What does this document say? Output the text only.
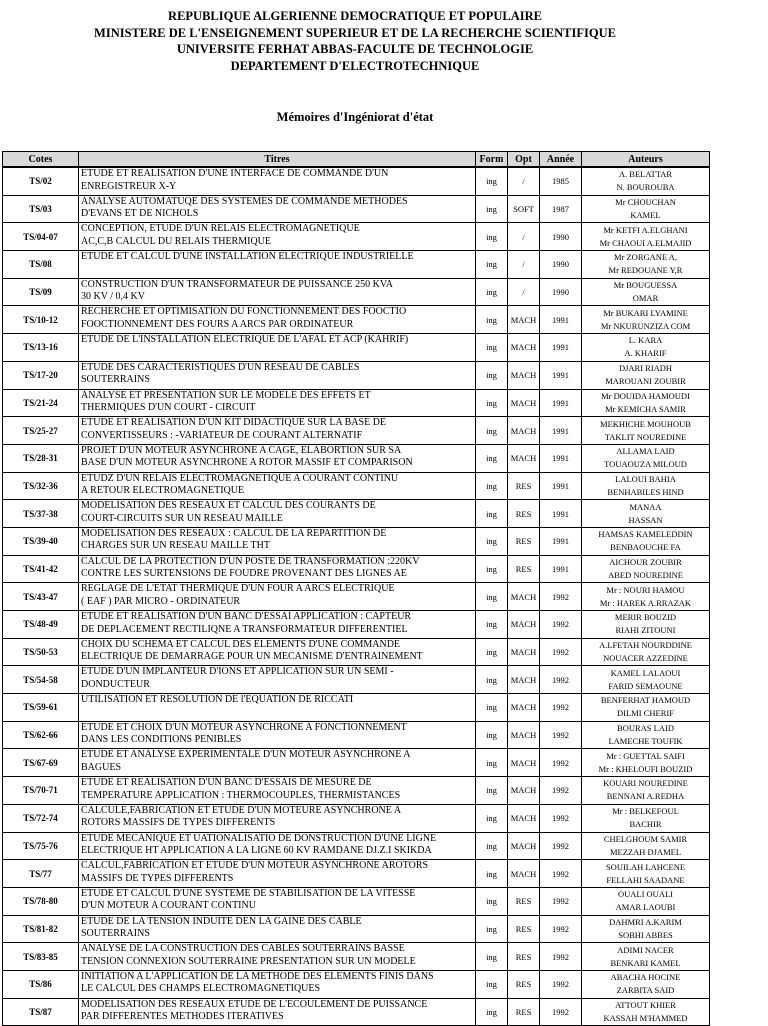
REPUBLIQUE ALGERIENNE DEMOCRATIQUE ET POPULAIRE
MINISTERE DE L'ENSEIGNEMENT SUPERIEUR ET DE LA RECHERCHE SCIENTIFIQUE
UNIVERSITE FERHAT ABBAS-FACULTE DE TECHNOLOGIE
DEPARTEMENT D'ELECTROTECHNIQUE
Mémoires d'Ingéniorat d'état
Cotes	Titres	Form	Opt	Année	Auteurs
TS/02	ETUDE ET REALISATION D'UNE INTERFACE DE COMMANDE D'UN
ENREGISTREUR X-Y	ing	/	1985	A. BELATTAR
N. BOUROUBA

TS/03	ANALYSE AUTOMATUQE DES SYSTEMES DE COMMANDE METHODES
D'EVANS ET DE NICHOLS	ing	SOFT	1987	Mr CHOUCHAN
KAMEL

TS/04-07	CONCEPTION, ETUDE D'UN RELAIS ELECTROMAGNETIQUE
AC,C,B CALCUL DU RELAIS THERMIQUE	ing	/	1990	Mr KETFI A.ELGHANI
Mr CHAOUI A.ELMAJID

TS/08	ETUDE ET CALCUL D'UNE INSTALLATION ELECTRIQUE INDUSTRIELLE	ing	/	1990	Mr ZORGANE A,
Mr REDOUANE Y,R

TS/09	CONSTRUCTION D'UN TRANSFORMATEUR DE PUISSANCE 250 KVA
30 KV / 0,4 KV	ing	/	1990	Mr BOUGUESSA
OMAR

TS/10-12	RECHERCHE ET OPTIMISATION DU FONCTIONNEMENT DES FOOCTIO
FOOCTIONNEMENT DES FOURS A ARCS PAR ORDINATEUR	ing	MACH	1991	Mr BUKARI LYAMINE
Mr NKURUNZIZA COM

TS/13-16	ETUDE DE L'INSTALLATION ELECTRIQUE DE L'AFAL ET ACP (KAHRIF)	ing	MACH	1991	L. KARA
A. KHARIF

TS/17-20	ETUDE DES CARACTERISTIQUES D'UN RESEAU DE CABLES
SOUTERRAINS	ing	MACH	1991	DJARI RIADH
MAROUANI ZOUBIR

TS/21-24	ANALYSE ET PRESENTATION SUR LE MODELE DES EFFETS ET
THERMIQUES D'UN COURT - CIRCUIT	ing	MACH	1991	Mr DOUIDA HAMOUDI
Mr KEMICHA SAMIR

TS/25-27	ETUDE ET REALISATION D'UN KIT DIDACTIQUE SUR LA BASE DE
CONVERTISSEURS : -VARIATEUR DE COURANT ALTERNATIF	ing	MACH	1991	MEKHICHE MOUHOUB
TAKLIT NOUREDINE

TS/28-31	PROJET D'UN MOTEUR ASYNCHRONE A CAGE, ELABORTION SUR SA
BASE D'UN MOTEUR ASYNCHRONE A ROTOR MASSIF ET COMPARISON	ing	MACH	1991	ALLAMA LAID
TOUAOUZA MILOUD

TS/32-36	ETUDZ D'UN RELAIS ELECTROMAGNETIQUE A COURANT CONTINU
A RETOUR ELECTROMAGNETIQUE	ing	RES	1991	LALOUI BAHIA
BENHABILES HIND

TS/37-38	MODELISATION DES RESEAUX ET CALCUL DES COURANTS DE
COURT-CIRCUITS SUR UN RESEAU MAILLE	ing	RES	1991	MANAA
HASSAN

TS/39-40	MODELISATION DES RESEAUX : CALCUL DE LA REPARTITION DE
CHARGES SUR UN RESEAU MAILLE THT	ing	RES	1991	HAMSAS KAMELEDDIN
BENBAOUCHE FA

TS/41-42	CALCUL DE LA PROTECTION D'UN POSTE DE TRANSFORMATION :220KV
CONTRE LES SURTENSIONS DE FOUDRE PROVENANT DES LIGNES AE	ing	RES	1991	AICHOUR ZOUBIR
ABED NOUREDINE

TS/43-47	REGLAGE DE L'ETAT THERMIQUE D'UN FOUR A ARCS ELECTRIQUE
( EAF ) PAR MICRO - ORDINATEUR	ing	MACH	1992	Mr : NOURI HAMOU
Mr : HAREK A.RRAZAK

TS/48-49	ETUDE ET REALISATION D'UN BANC D'ESSAI APPLICATION : CAPTEUR
DE DEPLACEMENT RECTILIQNE A TRANSFORMATEUR DIFFERENTIEL	ing	MACH	1992	MERIR BOUZID
RIAHI ZITOUNI

TS/50-53	CHOIX DU SCHEMA ET CALCUL DES ELEMENTS D'UNE COMMANDE
ELECTRIQUE DE DEMARRAGE POUR UN MECANISME D'ENTRAINEMENT	ing	MACH	1992	A.LFETAH NOURDDINE
NOUACER AZZEDINE

TS/54-58	ETUDE D'UN IMPLANTEUR D'IONS ET APPLICATION SUR UN SEMI -
DONDUCTEUR	ing	MACH	1992	KAMEL LALAOUI
FARID SEMAOUNE

TS/59-61	UTILISATION ET RESOLUTION DE l'EQUATION DE RICCATI	ing	MACH	1992	BENFERHAT HAMOUD
DILMI CHERIF

TS/62-66	ETUDE ET CHOIX D'UN MOTEUR ASYNCHRONE A FONCTIONNEMENT
DANS LES CONDITIONS PENIBLES	ing	MACH	1992	BOURAS LAID
LAMECHE TOUFIK

TS/67-69	ETUDE ET ANALYSE EXPERIMENTALE D'UN MOTEUR ASYNCHRONE A
BAGUES	ing	MACH	1992	Mr : GUETTAL SAIFI
Mr : KHELOUFI BOUZID

TS/70-71	ETUDE ET REALISATION D'UN BANC D'ESSAIS DE MESURE DE
TEMPERATURE APPLICATION : THERMOCOUPLES, THERMISTANCES	ing	MACH	1992	KOUARI NOUREDINE
BENNANI A.REDHA

TS/72-74	CALCULE,FABRICATION ET ETUDE D'UN MOTEURE ASYNCHRONE A
ROTORS MASSIFS DE TYPES DIFFERENTS	ing	MACH	1992	Mr : BELKEFOUL
BACHIR

TS/75-76	ETUDE MECANIQUE ET UATIONALISATIO DE DONSTRUCTION D'UNE LIGNE
ELECTRIQUE HT APPLICATION A LA LIGNE 60 KV RAMDANE DJ.Z.I SKIKDA	ing	MACH	1992	CHELGHOUM SAMIR
MEZZAH DJAMEL

TS/77	CALCUL,FABRICATION ET ETUDE D'UN MOTEUR ASYNCHRONE AROTORS
MASSIFS DE TYPES DIFFERENTS	ing	MACH	1992	SOUILAH LAHCENE
FELLAHI SAADANE

TS/78-80	ETUDE ET CALCUL D'UNE SYSTEME DE STABILISATION DE LA VITESSE
D'UN MOTEUR A COURANT CONTINU	ing	RES	1992	OUALI OUALI
AMAR LAOUBI

TS/81-82	ETUDE DE LA TENSION INDUITE DEN LA GAINE DES CABLE
SOUTERRAINS	ing	RES	1992	DAHMRI A.KARIM
SOBHI ABBES

TS/83-85	ANALYSE DE LA CONSTRUCTION DES CABLES SOUTERRAINS BASSE
TENSION CONNEXION SOUTERRAINE PRESENTATION SUR UN MODELE	ing	RES	1992	ADIMI NACER
BENKARI KAMEL

TS/86	INITIATION A L'APPLICATION DE LA METHODE DES ELEMENTS FINIS DANS
LE CALCUL DES CHAMPS ELECTROMAGNETIQUES	ing	RES	1992	ABACHA HOCINE
ZARBITA SAID

TS/87	MODELISATION DES RESEAUX ETUDE DE L'ECOULEMENT DE PUISSANCE
PAR DIFFERENTES METHODES ITERATIVES	ing	RES	1992	ATTOUT KHIER
KASSAH M'HAMMED
